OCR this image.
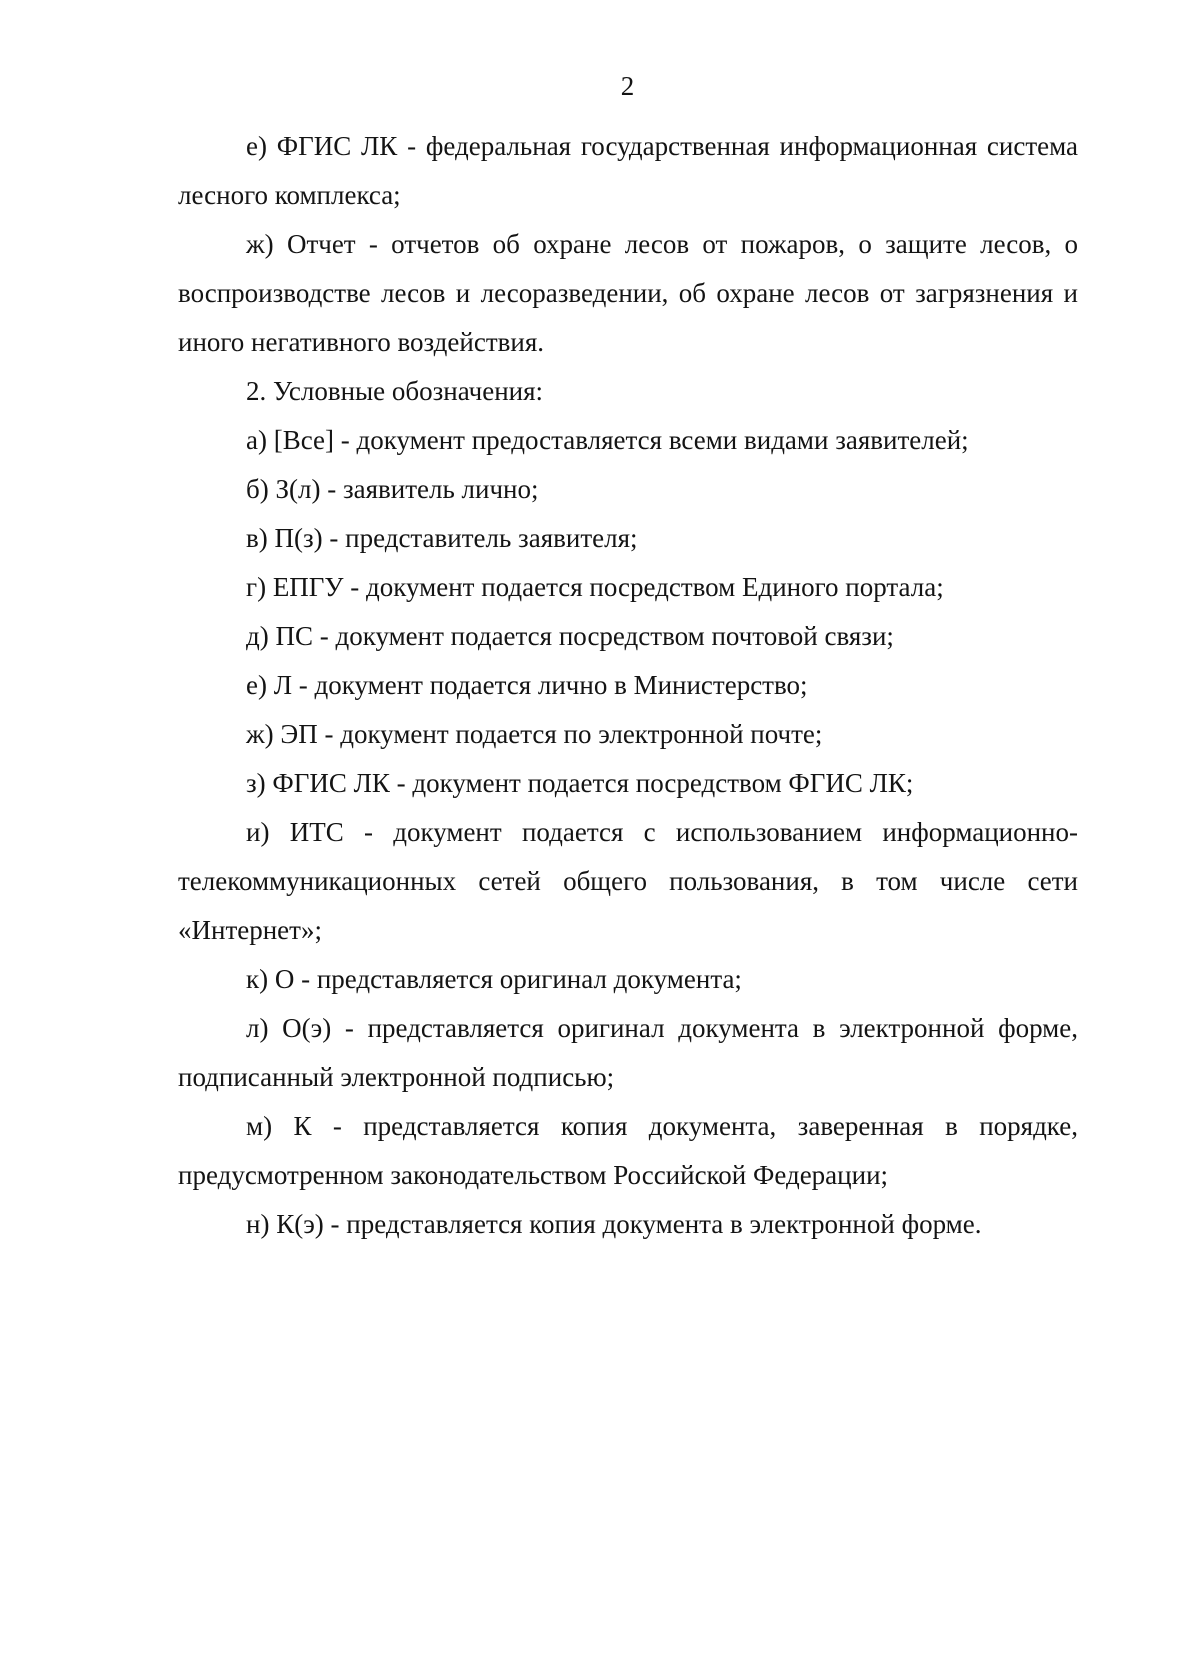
2

е) ФГИС ЛК - федеральная государственная информационная система лесного комплекса;

ж) Отчет - отчетов об охране лесов от пожаров, о защите лесов, о воспроизводстве лесов и лесоразведении, об охране лесов от загрязнения и иного негативного воздействия.

2. Условные обозначения:

а) [Все] - документ предоставляется всеми видами заявителей;

б) З(л) - заявитель лично;

в) П(з) - представитель заявителя;

г) ЕПГУ - документ подается посредством Единого портала;

д) ПС - документ подается посредством почтовой связи;

е) Л - документ подается лично в Министерство;

ж) ЭП - документ подается по электронной почте;

з) ФГИС ЛК - документ подается посредством ФГИС ЛК;

и) ИТС - документ подается с использованием информационно-телекоммуникационных сетей общего пользования, в том числе сети «Интернет»;

к) О - представляется оригинал документа;

л) О(э) - представляется оригинал документа в электронной форме, подписанный электронной подписью;

м) К - представляется копия документа, заверенная в порядке, предусмотренном законодательством Российской Федерации;

н) К(э) - представляется копия документа в электронной форме.
